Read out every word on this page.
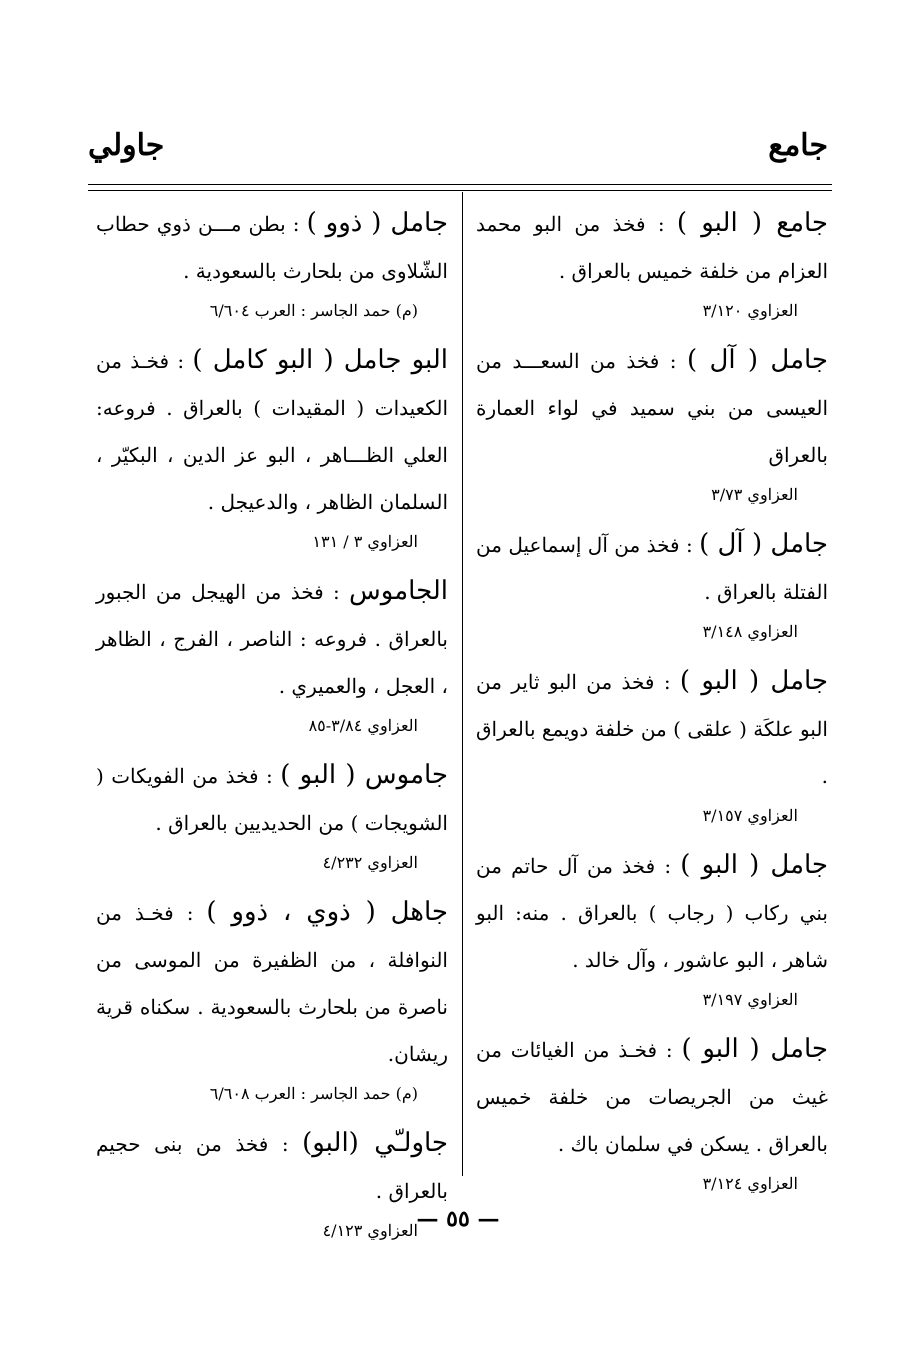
جامع
جاولي

جامع ( البو ) : فخذ من البو محمد العزام من خلفة خميس بالعراق .

العزاوي ٣/١٢٠

جامل ( آل ) : فخذ من السعـــد من العيسى من بني سميد في لواء العمارة بالعراق

العزاوي ٣/٧٣

جامل ( آل ) : فخذ من آل إسماعيل من الفتلة بالعراق .

العزاوي ٣/١٤٨

جامل ( البو ) : فخذ من البو ثاير من البو علكَة ( علقى ) من خلفة دويمع بالعراق .

العزاوي ٣/١٥٧

جامل ( البو ) : فخذ من آل حاتم من بني ركاب ( رجاب ) بالعراق . منه: البو شاهر ، البو عاشور ، وآل خالد .

العزاوي ٣/١٩٧

جامل ( البو ) : فخـذ من الغيائات من غيث من الجريصات من خلفة خميس بالعراق . يسكن في سلمان باك .

العزاوي ٣/١٢٤

جامل ( ذوو ) : بطن مـــن ذوي حطاب الشّلاوى من بلحارث بالسعودية .

(م) حمد الجاسر : العرب ٦/٦٠٤

البو جامل ( البو كامل ) : فخـذ من الكعيدات ( المقيدات ) بالعراق . فروعه: العلي الظـــاهر ، البو عز الدين ، البكيّر ، السلمان الظاهر ، والدعيجل .

العزاوي ٣ / ١٣١

الجاموس : فخذ من الهيجل من الجبور بالعراق . فروعه : الناصر ، الفرج ، الظاهر ، العجل ، والعميري .

العزاوي ٣/٨٤-٨٥

جاموس ( البو ) : فخذ من الفويكات ( الشويجات ) من الحديديين بالعراق .

العزاوي ٤/٢٣٢

جاهل ( ذوي ، ذوو ) : فخـذ من النوافلة ، من الظفيرة من الموسى من ناصرة من بلحارث بالسعودية . سكناه قرية ريشان.

(م) حمد الجاسر : العرب ٦/٦٠٨

جاولـّي (البو) : فخذ من بنى حجيم بالعراق .

العزاوي ٤/١٢٣
— ٥٥ —
